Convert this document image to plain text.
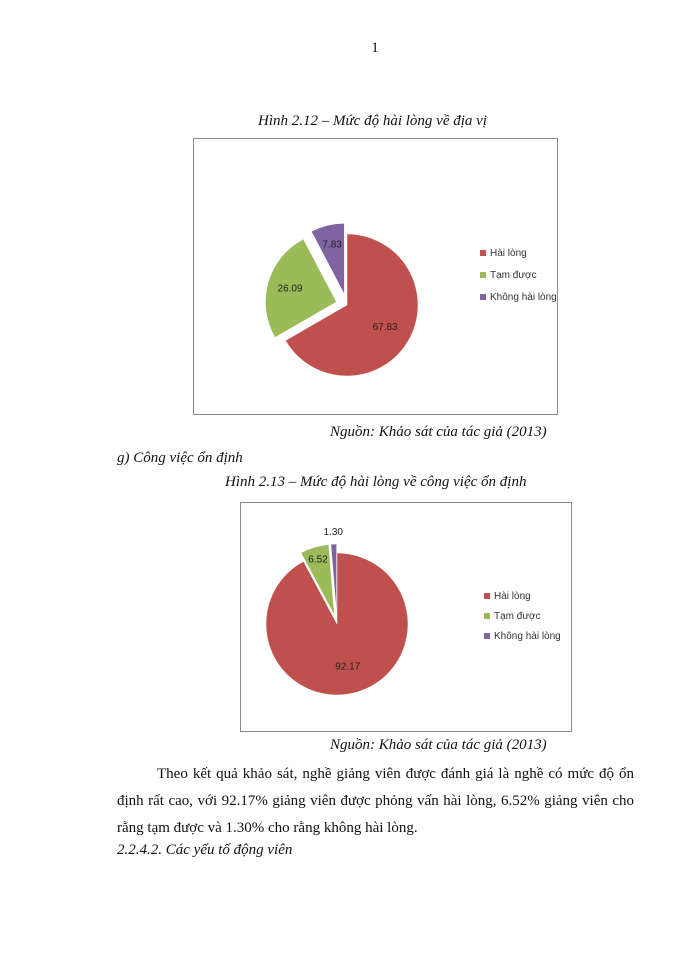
1
Hình 2.12 – Mức độ hài lòng về địa vị
67.83
26.09
7.83
Hài lòng
Tạm được
Không hài lòng
Nguồn: Khảo sát của tác giả (2013)
g) Công việc ổn định
Hình 2.13 – Mức độ hài lòng về công việc ổn định
92.17
6.52
1.30
Hài lòng
Tạm được
Không hài lòng
Nguồn: Khảo sát của tác giả (2013)
Theo kết quả khảo sát, nghề giảng viên được đánh giá là nghề có mức độ ổn định rất cao, với 92.17% giảng viên được phỏng vấn hài lòng, 6.52% giảng viên cho rằng tạm được và 1.30% cho rằng không hài lòng.
2.2.4.2. Các yếu tố động viên
